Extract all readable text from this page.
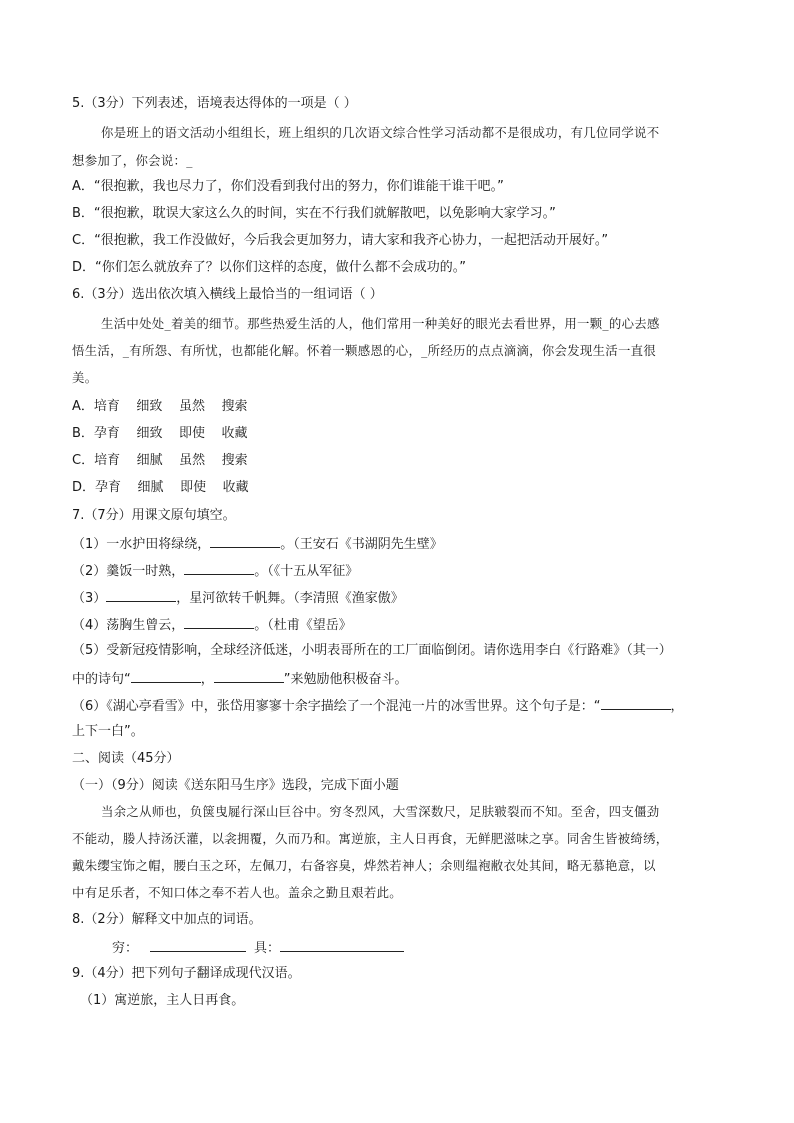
5.（3分）下列表述，语境表达得体的一项是（ ）
你是班上的语文活动小组组长，班上组织的几次语文综合性学习活动都不是很成功，有几位同学说不
想参加了，你会说：_
A．“很抱歉，我也尽力了，你们没看到我付出的努力，你们谁能干谁干吧。”
B．“很抱歉，耽误大家这么久的时间，实在不行我们就解散吧，以免影响大家学习。”
C．“很抱歉，我工作没做好，今后我会更加努力，请大家和我齐心协力，一起把活动开展好。”
D．“你们怎么就放弃了？以你们这样的态度，做什么都不会成功的。”
6.（3分）选出依次填入横线上最恰当的一组词语（ ）
生活中处处_着美的细节。那些热爱生活的人，他们常用一种美好的眼光去看世界，用一颗_的心去感
悟生活，_有所怨、有所忧，也都能化解。怀着一颗感恩的心，_所经历的点点滴滴，你会发现生活一直很
美。
A．培育    细致    虽然    搜索
B．孕育    细致    即使    收藏
C．培育    细腻    虽然    搜索
D．孕育    细腻    即使    收藏
7.（7分）用课文原句填空。
（1）一水护田将绿绕，	。（王安石《书湖阴先生壁》
（2）羹饭一时熟，	。（《十五从军征》
（3）	，星河欲转千帆舞。（李清照《渔家傲》
（4）荡胸生曾云，	。（杜甫《望岳》
（5）受新冠疫情影响，全球经济低迷，小明表哥所在的工厂面临倒闭。请你选用李白《行路难》（其一）
中的诗句“	，	”来勉励他积极奋斗。
（6）《湖心亭看雪》中，张岱用寥寥十余字描绘了一个混沌一片的冰雪世界。这个句子是：“	，
上下一白”。
二、阅读（45分）
（一）（9分）阅读《送东阳马生序》选段，完成下面小题
当余之从师也，负箧曳屣行深山巨谷中。穷冬烈风，大雪深数尺，足肤皲裂而不知。至舍，四支僵劲
不能动，媵人持汤沃灌，以衾拥覆，久而乃和。寓逆旅，主人日再食，无鲜肥滋味之享。同舍生皆被绮绣，
戴朱缨宝饰之帽，腰白玉之环，左佩刀，右备容臭，烨然若神人；余则缊袍敝衣处其间，略无慕艳意，以
中有足乐者，不知口体之奉不若人也。盖余之勤且艰若此。
8.（2分）解释文中加点的词语。
穷：	具：
9.（4分）把下列句子翻译成现代汉语。
（1）寓逆旅，主人日再食。
